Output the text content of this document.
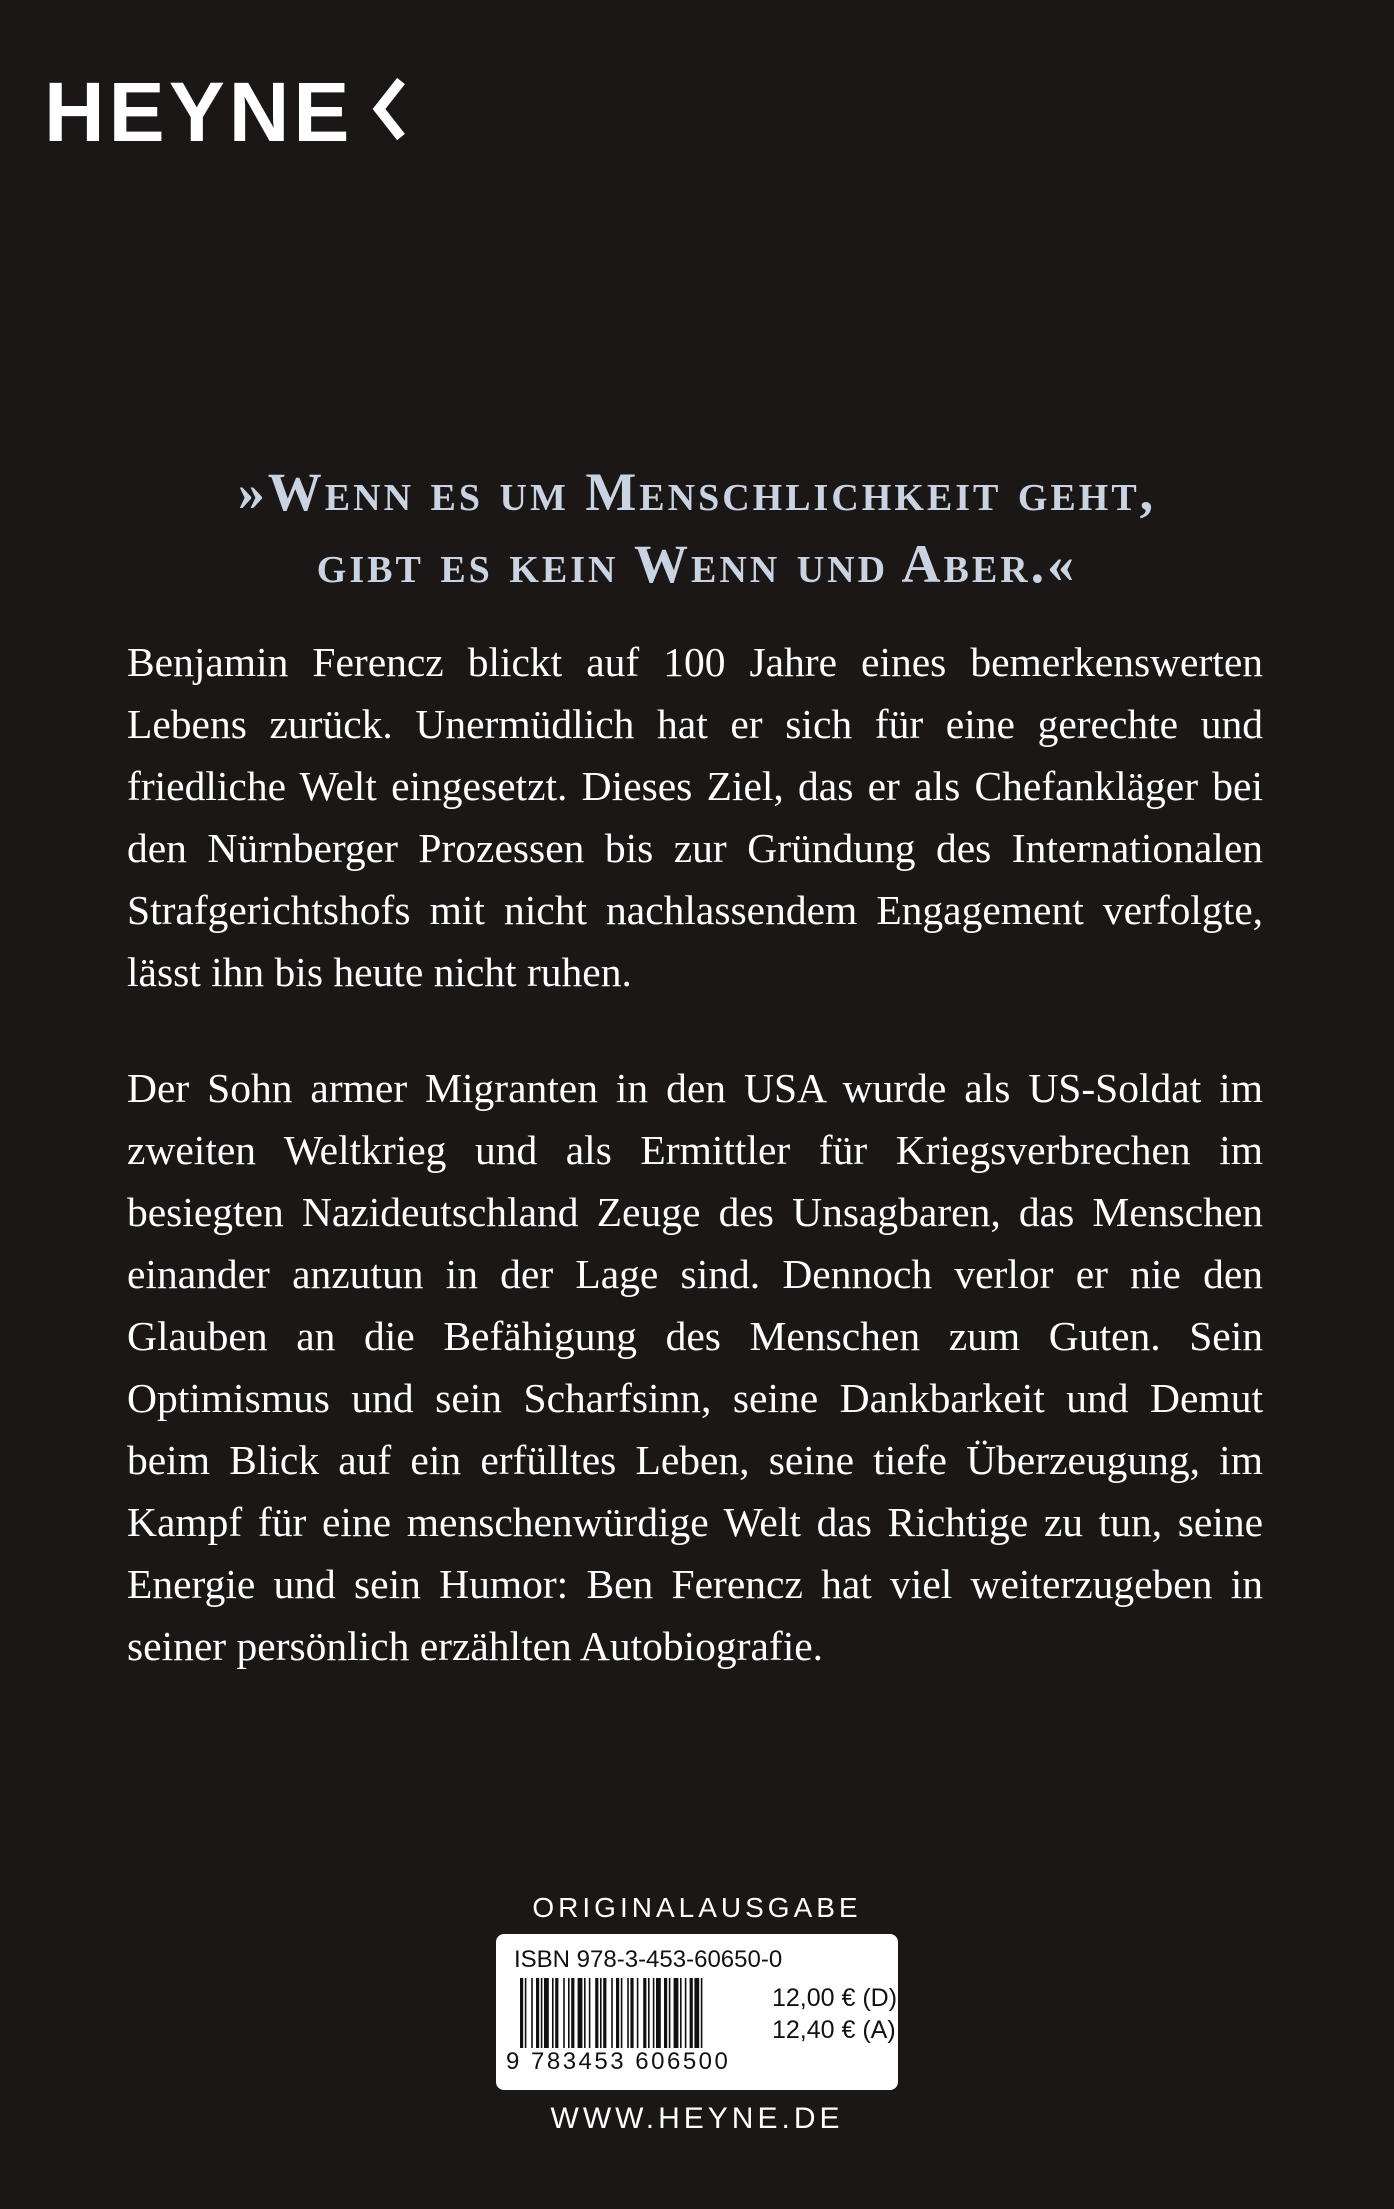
HEYNE
»Wenn es um Menschlichkeit geht,
gibt es kein Wenn und Aber.«

Benjamin Ferencz blickt auf 100 Jahre eines bemerkenswerten Lebens zurück. Unermüdlich hat er sich für eine gerechte und friedliche Welt eingesetzt. Dieses Ziel, das er als Chefankläger bei den Nürnberger Prozessen bis zur Gründung des Internationalen Strafgerichtshofs mit nicht nachlassendem Engagement verfolgte, lässt ihn bis heute nicht ruhen.

Der Sohn armer Migranten in den USA wurde als US-Soldat im zweiten Weltkrieg und als Ermittler für Kriegsverbrechen im besiegten Nazideutschland Zeuge des Unsagbaren, das Menschen einander anzutun in der Lage sind. Dennoch verlor er nie den Glauben an die Befähigung des Menschen zum Guten. Sein Optimismus und sein Scharfsinn, seine Dankbarkeit und Demut beim Blick auf ein erfülltes Leben, seine tiefe Überzeugung, im Kampf für eine menschenwürdige Welt das Richtige zu tun, seine Energie und sein Humor: Ben Ferencz hat viel weiterzugeben in seiner persönlich erzählten Autobiografie.

ORIGINALAUSGABE
ISBN 978-3-453-60650-0
9 783453 606500
12,00 € (D)
12,40 € (A)
WWW.HEYNE.DE
